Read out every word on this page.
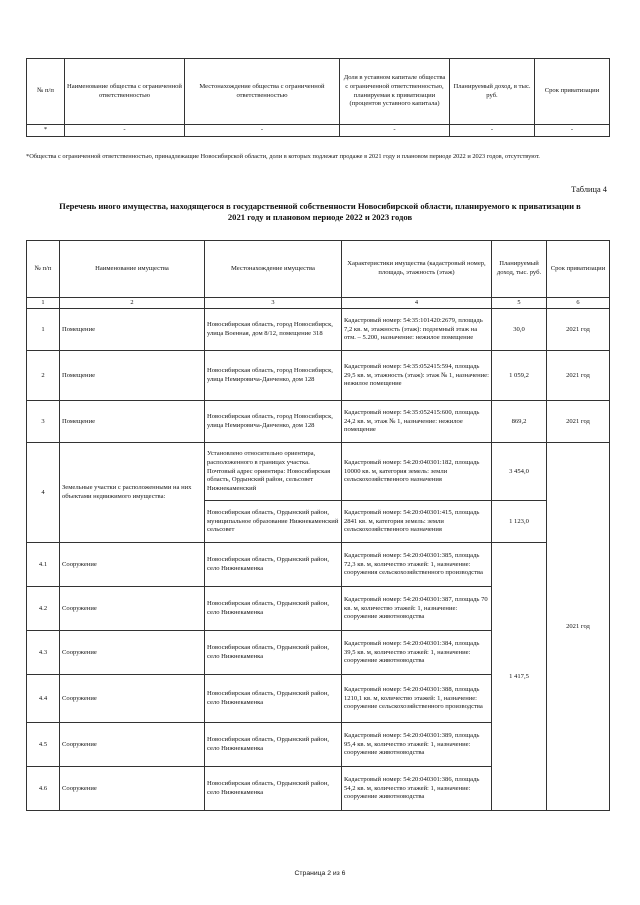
№ п/п	Наименование общества с ограниченной ответственностью	Местонахождение общества с ограниченной ответственностью	Доля в уставном капитале общества с ограниченной ответственностью, планируемая к приватизации (процентов уставного капитала)	Планируемый доход, в тыс. руб.	Срок приватизации
*	-	-	-	-	-
*Общества с ограниченной ответственностью, принадлежащие Новосибирской области, доли в которых подлежат продаже в 2021 году и плановом периоде 2022 и 2023 годов, отсутствуют.
Таблица 4
Перечень иного имущества, находящегося в государственной собственности Новосибирской области, планируемого к приватизации в 2021 году и плановом периоде 2022 и 2023 годов
№ п/п	Наименование имущества	Местонахождение имущества	Характеристики имущества (кадастровый номер, площадь, этажность (этаж)	Планируемый доход, тыс. руб.	Срок приватизации
1	2	3	4	5	6
1	Помещение	Новосибирская область, город Новосибирск, улица Военная, дом 8/12, помещение 318	Кадастровый номер: 54:35:101420:2679, площадь 7,2 кв. м, этажность (этаж): подземный этаж на отм. – 5.200, назначение: нежилое помещение	30,0	2021 год
2	Помещение	Новосибирская область, город Новосибирск, улица Немировича-Данченко, дом 128	Кадастровый номер: 54:35:052415:594, площадь 29,5 кв. м, этажность (этаж): этаж № 1, назначение: нежилое помещение	1 059,2	2021 год
3	Помещение	Новосибирская область, город Новосибирск, улица Немировича-Данченко, дом 128	Кадастровый номер: 54:35:052415:600, площадь 24,2 кв. м, этаж № 1, назначение: нежилое помещение	869,2	2021 год
4	Земельные участки с расположенными на них объектами недвижимого имущества:	Установлено относительно ориентира, расположенного в границах участка. Почтовый адрес ориентира: Новосибирская область, Ордынский район, сельсовет Нижнекаменский	Кадастровый номер: 54:20:040301:182, площадь 10000 кв. м, категория земель: земли сельскохозяйственного назначения	3 454,0	2021 год
		Новосибирская область, Ордынский район, муниципальное образование Нижнекаменский сельсовет	Кадастровый номер: 54:20:040301:415, площадь 2841 кв. м, категория земель: земли сельскохозяйственного назначения	1 123,0	
4.1	Сооружение	Новосибирская область, Ордынский район, село Нижнекаменка	Кадастровый номер: 54:20:040301:385, площадь 72,3 кв. м, количество этажей: 1, назначение: сооружения сельскохозяйственного производства	1 417,5	
4.2	Сооружение	Новосибирская область, Ордынский район, село Нижнекаменка	Кадастровый номер: 54:20:040301:387, площадь 70 кв. м, количество этажей: 1, назначение: сооружение животноводства		
4.3	Сооружение	Новосибирская область, Ордынский район, село Нижнекаменка	Кадастровый номер: 54:20:040301:384, площадь 39,5 кв. м, количество этажей: 1, назначение: сооружение животноводства		
4.4	Сооружение	Новосибирская область, Ордынский район, село Нижнекаменка	Кадастровый номер: 54:20:040301:388, площадь 1210,1 кв. м, количество этажей: 1, назначение: сооружение сельскохозяйственного производства		
4.5	Сооружение	Новосибирская область, Ордынский район, село Нижнекаменка	Кадастровый номер: 54:20:040301:389, площадь 95,4 кв. м, количество этажей: 1, назначение: сооружение животноводства		
4.6	Сооружение	Новосибирская область, Ордынский район, село Нижнекаменка	Кадастровый номер: 54:20:040301:386, площадь 54,2 кв. м, количество этажей: 1, назначение: сооружение животноводства		
Страница 2 из 6
